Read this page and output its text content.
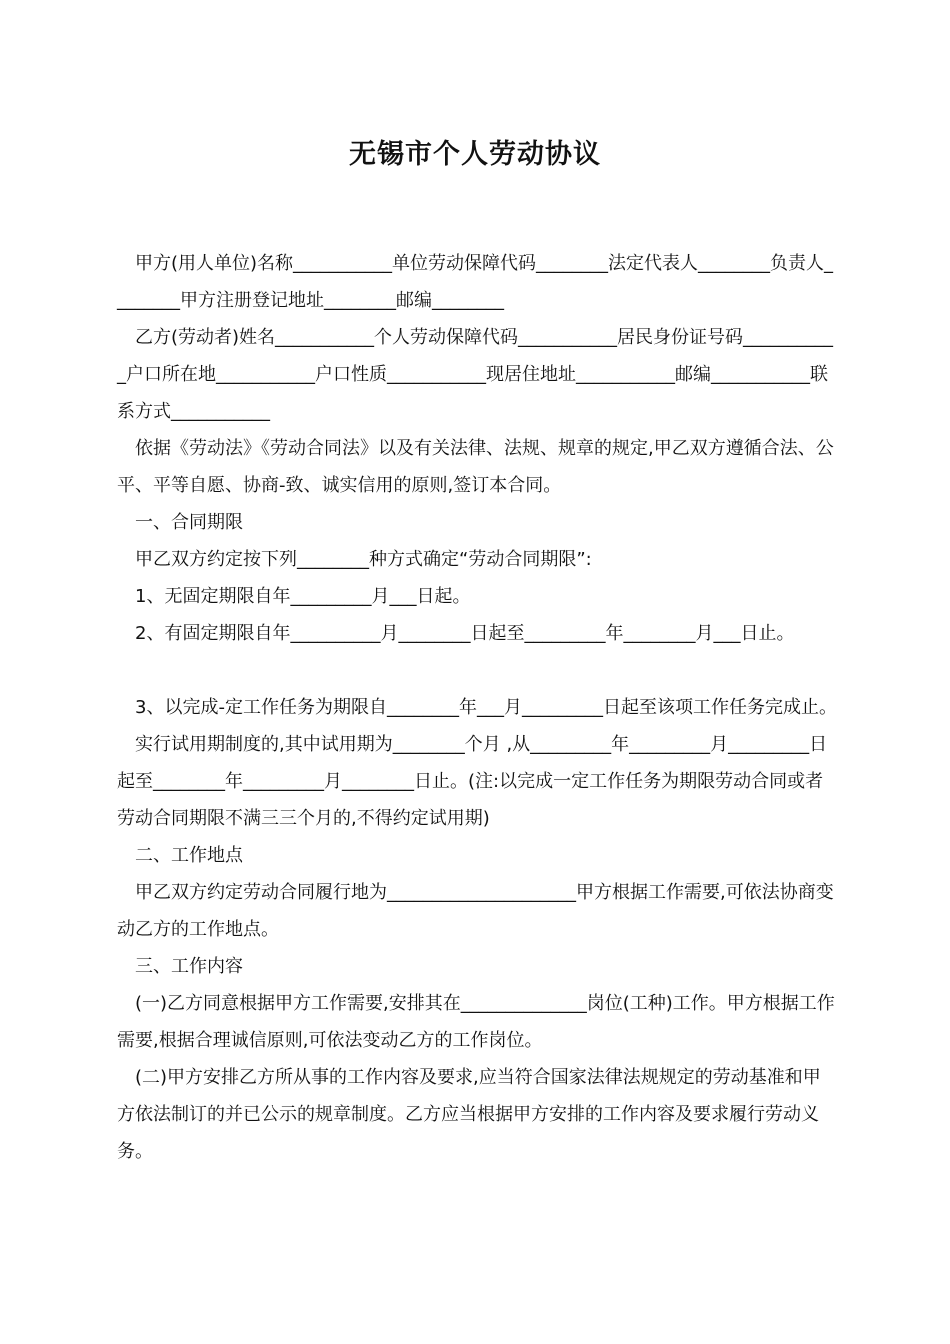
无锡市个人劳动协议

甲方(用人单位)名称___________单位劳动保障代码________法定代表人________负责人________甲方注册登记地址________邮编________

乙方(劳动者)姓名___________个人劳动保障代码___________居民身份证号码___________户口所在地___________户口性质___________现居住地址___________邮编___________联系方式___________

依据《劳动法》《劳动合同法》以及有关法律、法规、规章的规定,甲乙双方遵循合法、公平、平等自愿、协商-致、诚实信用的原则,签订本合同。

一、合同期限

甲乙双方约定按下列________种方式确定“劳动合同期限”:

1、无固定期限自年_________月___日起。

2、有固定期限自年__________月________日起至_________年________月___日止。

3、以完成-定工作任务为期限自________年___月_________日起至该项工作任务完成止。

实行试用期制度的,其中试用期为________个月 ,从_________年_________月_________日起至________年_________月________日止。(注:以完成一定工作任务为期限劳动合同或者劳动合同期限不满三三个月的,不得约定试用期)

二、工作地点

甲乙双方约定劳动合同履行地为_____________________甲方根据工作需要,可依法协商变动乙方的工作地点。

三、工作内容

(一)乙方同意根据甲方工作需要,安排其在______________岗位(工种)工作。甲方根据工作需要,根据合理诚信原则,可依法变动乙方的工作岗位。

(二)甲方安排乙方所从事的工作内容及要求,应当符合国家法律法规规定的劳动基准和甲方依法制订的并已公示的规章制度。乙方应当根据甲方安排的工作内容及要求履行劳动义务。
